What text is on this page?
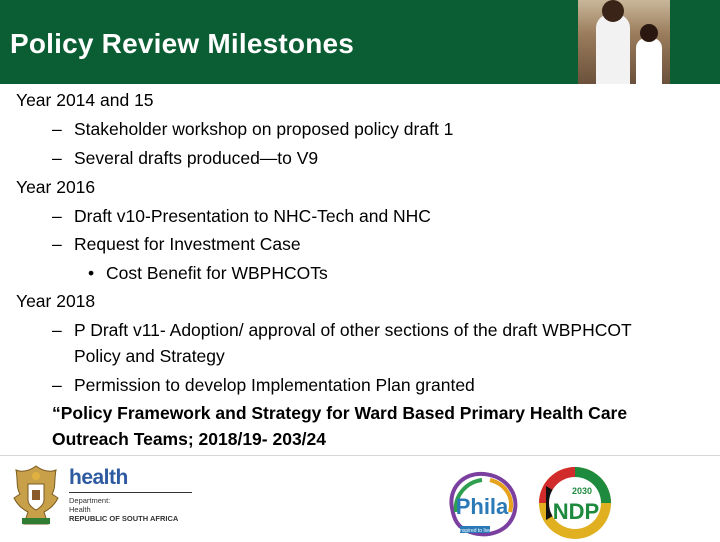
Policy Review Milestones
Year 2014 and 15
– Stakeholder workshop on proposed policy draft 1
– Several drafts produced—to V9
Year 2016
– Draft v10-Presentation to NHC-Tech and NHC
– Request for Investment Case
• Cost Benefit for WBPHCOTs
Year 2018
– P Draft v11- Adoption/ approval of other sections of the draft WBPHCOT
Policy and Strategy
– Permission to develop Implementation Plan granted
“Policy Framework and Strategy for Ward Based Primary Health Care
Outreach Teams; 2018/19- 203/24
health
Department:
Health
REPUBLIC OF SOUTH AFRICA	Phila
inspired to live
2030
NDP
